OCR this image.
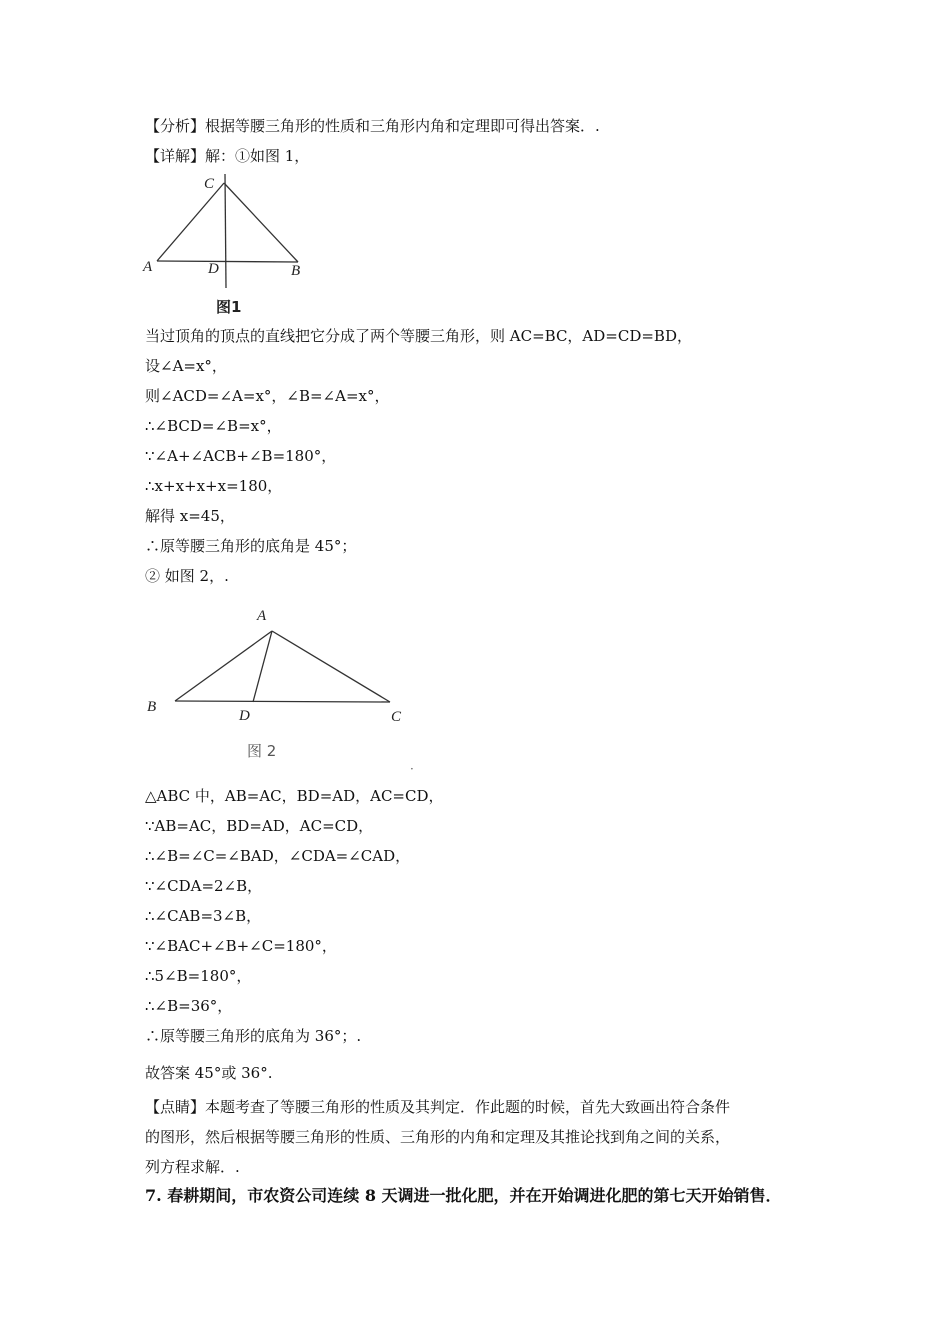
【分析】根据等腰三角形的性质和三角形内角和定理即可得出答案．.
【详解】解：①如图 1，
C
A	D	B
图1
当过顶角的顶点的直线把它分成了两个等腰三角形，则 AC=BC，AD=CD=BD，
设∠A=x°，
则∠ACD=∠A=x°，∠B=∠A=x°，
∴∠BCD=∠B=x°，
∵∠A+∠ACB+∠B=180°，
∴x+x+x+x=180，
解得 x=45，
∴原等腰三角形的底角是 45°；
② 如图 2，.
A
B
D	C
图 2
·
△ABC 中，AB=AC，BD=AD，AC=CD，
∵AB=AC，BD=AD，AC=CD，
∴∠B=∠C=∠BAD，∠CDA=∠CAD，
∵∠CDA=2∠B，
∴∠CAB=3∠B，
∵∠BAC+∠B+∠C=180°，
∴5∠B=180°，
∴∠B=36°，
∴原等腰三角形的底角为 36°；.
故答案 45°或 36°.
【点睛】本题考查了等腰三角形的性质及其判定．作此题的时候，首先大致画出符合条件
的图形，然后根据等腰三角形的性质、三角形的内角和定理及其推论找到角之间的关系，
列方程求解．.
7. 春耕期间，市农资公司连续 8 天调进一批化肥，并在开始调进化肥的第七天开始销售．
